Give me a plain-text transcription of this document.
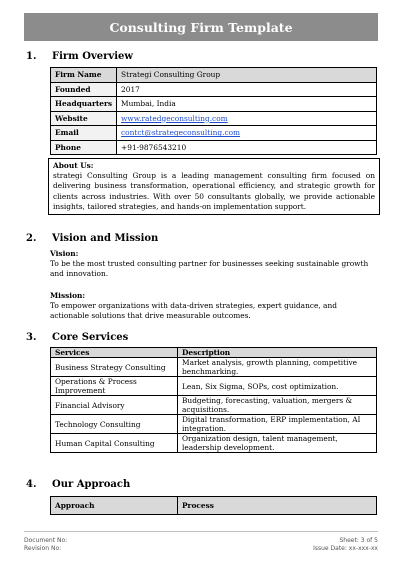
Consulting Firm Template
1. Firm Overview
Firm Name	Strategi Consulting Group
Founded	2017
Headquarters	Mumbai, India
Website	www.ratedgeconsulting.com
Email	contct@strategeconsulting.com
Phone	+91-9876543210
About Us:
strategi Consulting Group is a leading management consulting firm focused on delivering business transformation, operational efficiency, and strategic growth for clients across industries. With over 50 consultants globally, we provide actionable insights, tailored strategies, and hands-on implementation support.
2. Vision and Mission
Vision:
To be the most trusted consulting partner for businesses seeking sustainable growth and innovation.
Mission:
To empower organizations with data-driven strategies, expert guidance, and actionable solutions that drive measurable outcomes.
3. Core Services
Services	Description
Business Strategy Consulting	Market analysis, growth planning, competitive benchmarking.
Operations & Process Improvement	Lean, Six Sigma, SOPs, cost optimization.
Financial Advisory	Budgeting, forecasting, valuation, mergers & acquisitions.
Technology Consulting	Digital transformation, ERP implementation, AI integration.
Human Capital Consulting	Organization design, talent management, leadership development.
4. Our Approach
Approach	Process
Document No:
Revision No:
Sheet: 3 of 5
Issue Date: xx-xxx-xx
